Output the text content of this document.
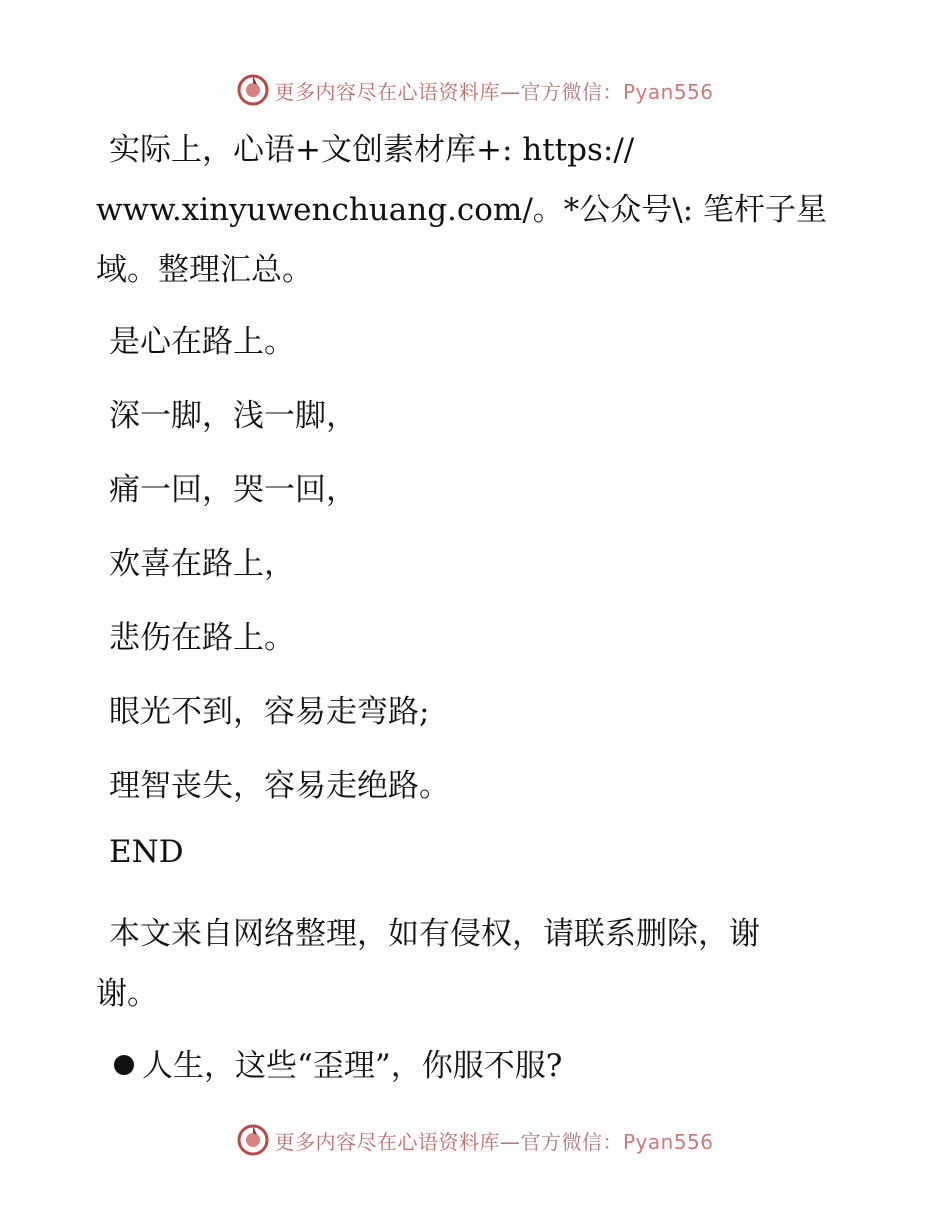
更多内容尽在心语资料库—官方微信：Pyan556
实际上，心语+文创素材库+: https://
www.xinyuwenchuang.com/。*公众号\: 笔杆子星
域。整理汇总。
是心在路上。
深一脚，浅一脚，
痛一回，哭一回，
欢喜在路上，
悲伤在路上。
眼光不到，容易走弯路;
理智丧失，容易走绝路。
END
本文来自网络整理，如有侵权，请联系删除，谢
谢。
人生，这些“歪理”，你服不服?
更多内容尽在心语资料库—官方微信：Pyan556
